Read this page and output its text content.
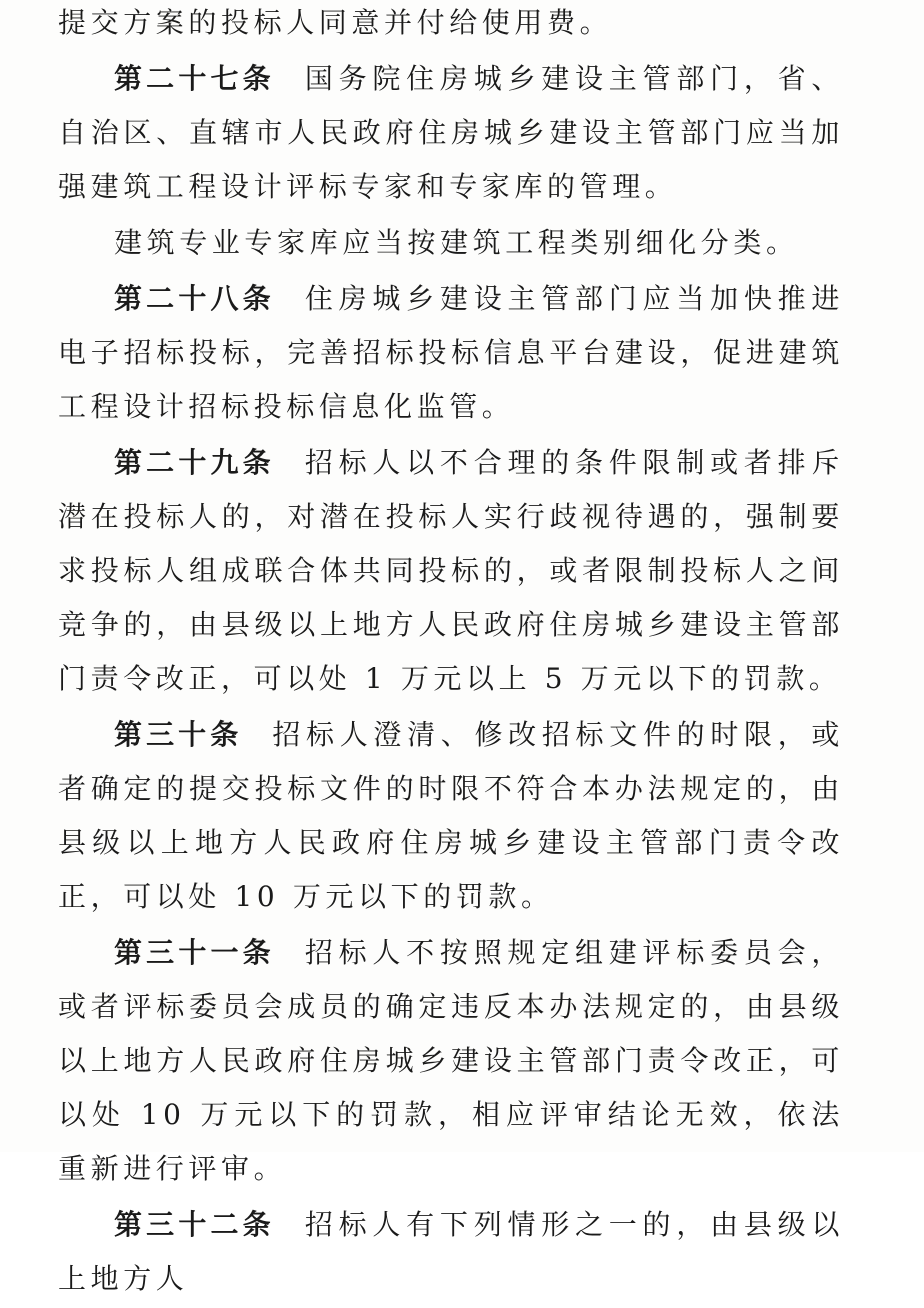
提交方案的投标人同意并付给使用费。

第二十七条 国务院住房城乡建设主管部门，省、自治区、直辖市人民政府住房城乡建设主管部门应当加强建筑工程设计评标专家和专家库的管理。

建筑专业专家库应当按建筑工程类别细化分类。

第二十八条 住房城乡建设主管部门应当加快推进电子招标投标，完善招标投标信息平台建设，促进建筑工程设计招标投标信息化监管。

第二十九条 招标人以不合理的条件限制或者排斥潜在投标人的，对潜在投标人实行歧视待遇的，强制要求投标人组成联合体共同投标的，或者限制投标人之间竞争的，由县级以上地方人民政府住房城乡建设主管部门责令改正，可以处 1 万元以上 5 万元以下的罚款。

第三十条 招标人澄清、修改招标文件的时限，或者确定的提交投标文件的时限不符合本办法规定的，由县级以上地方人民政府住房城乡建设主管部门责令改正，可以处 10 万元以下的罚款。

第三十一条 招标人不按照规定组建评标委员会，或者评标委员会成员的确定违反本办法规定的，由县级以上地方人民政府住房城乡建设主管部门责令改正，可以处 10 万元以下的罚款，相应评审结论无效，依法重新进行评审。

第三十二条 招标人有下列情形之一的，由县级以上地方人
